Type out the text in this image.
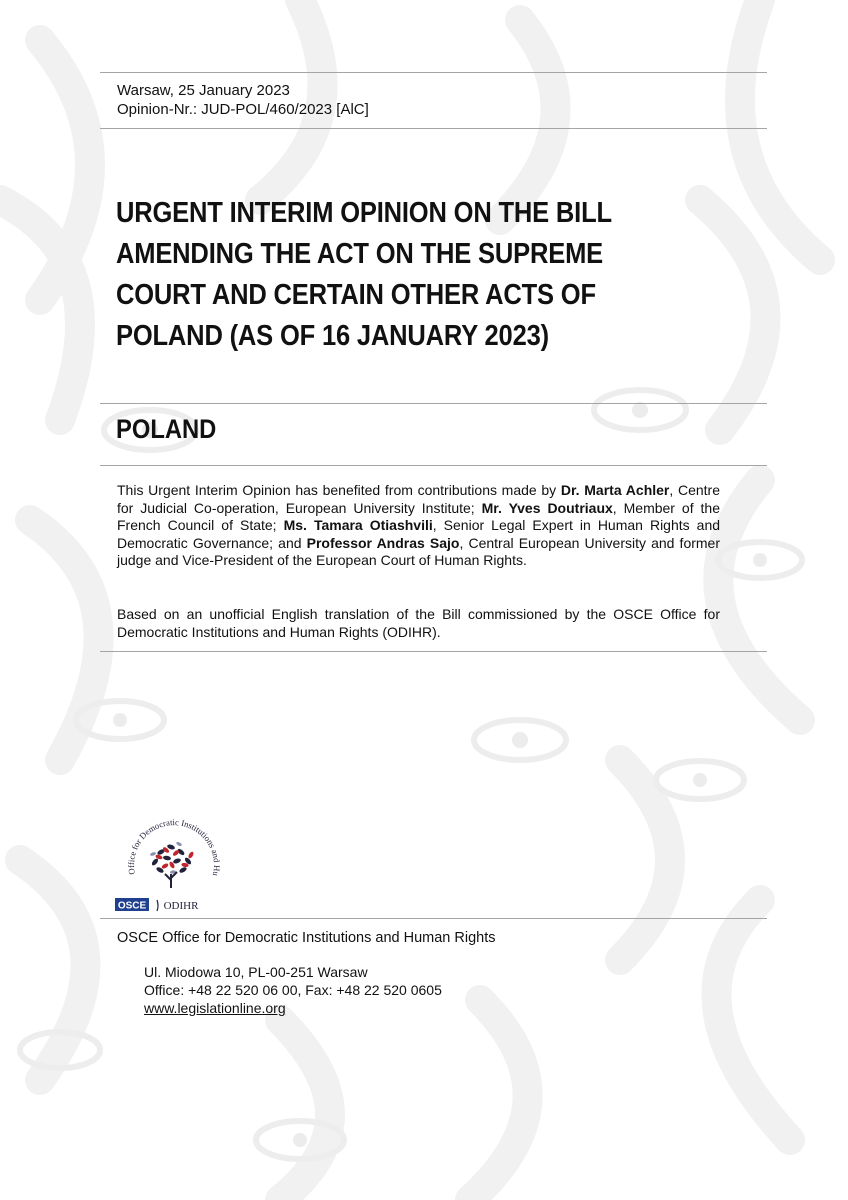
Warsaw, 25 January 2023
Opinion-Nr.: JUD-POL/460/2023 [AlC]
URGENT INTERIM OPINION ON THE BILL
AMENDING THE ACT ON THE SUPREME
COURT AND CERTAIN OTHER ACTS OF
POLAND (AS OF 16 JANUARY 2023)
POLAND
This Urgent Interim Opinion has benefited from contributions made by Dr. Marta Achler, Centre for Judicial Co-operation, European University Institute; Mr. Yves Doutriaux, Member of the French Council of State; Ms. Tamara Otiashvili, Senior Legal Expert in Human Rights and Democratic Governance; and Professor Andras Sajo, Central European University and former judge and Vice-President of the European Court of Human Rights.
Based on an unofficial English translation of the Bill commissioned by the OSCE Office for Democratic Institutions and Human Rights (ODIHR).
Office for Democratic Institutions and Hu
OSCE ODIHR
OSCE Office for Democratic Institutions and Human Rights
Ul. Miodowa 10, PL-00-251 Warsaw
Office: +48 22 520 06 00, Fax: +48 22 520 0605
www.legislationline.org
